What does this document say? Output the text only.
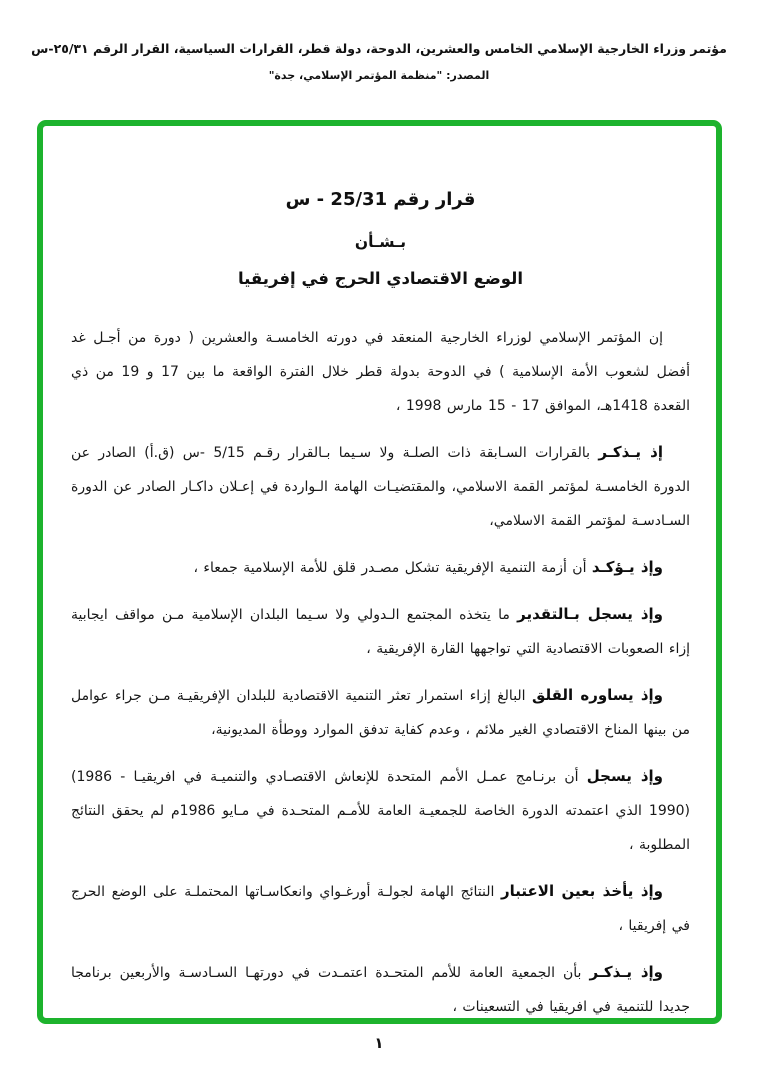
مؤتمر وزراء الخارجية الإسلامي الخامس والعشرين، الدوحة، دولة قطر، القرارات السياسية، القرار الرقم ٢٥/٣١-س
المصدر: "منظمة المؤتمر الإسلامي، جدة"
قرار رقم 25/31 - س
بـشـأن
الوضع الاقتصادي الحرج في إفريقيا

إن المؤتمر الإسلامي لوزراء الخارجية المنعقد في دورته الخامسـة والعشرين ( دورة من أجـل غد أفضل لشعوب الأمة الإسلامية ) في الدوحة بدولة قطر خلال الفترة الواقعة ما بين 17 و 19 من ذي القعدة 1418هـ، الموافق ⁦15 - 17⁩ مارس 1998 ،

إذ يـذكـر بالقرارات السـابقة ذات الصلـة ولا سـيما بـالقرار رقـم 5/15 -س (ق.أ) الصادر عن الدورة الخامسـة لمؤتمر القمة الاسلامي، والمقتضيـات الهامة الـواردة في إعـلان داكـار الصادر عن الدورة السـادسـة لمؤتمر القمة الاسلامي،

وإذ يـؤكـد أن أزمة التنمية الإفريقية تشكل مصـدر قلق للأمة الإسلامية جمعاء ،

وإذ يسجل بـالتقدير ما يتخذه المجتمع الـدولي ولا سـيما البلدان الإسلامية مـن مواقف ايجابية إزاء الصعوبات الاقتصادية التي تواجهها القارة الإفريقية ،

وإذ يساوره القلق البالغ إزاء استمرار تعثر التنمية الاقتصادية للبلدان الإفريقيـة مـن جراء عوامل من بينها المناخ الاقتصادي الغير ملائم ، وعدم كفاية تدفق الموارد ووطأة المديونية،

وإذ يسجل أن برنـامج عمـل الأمم المتحدة للإنعاش الاقتصـادي والتنميـة في افريقيـا ⁦(1986 - 1990)⁩ الذي اعتمدته الدورة الخاصة للجمعيـة العامة للأمـم المتحـدة في مـايو 1986م لم يحقق النتائج المطلوبة ،

وإذ يأخذ بعين الاعتبار النتائج الهامة لجولـة أورغـواي وانعكاسـاتها المحتملـة على الوضع الحرج في إفريقيا ،

وإذ يـذكـر بأن الجمعية العامة للأمم المتحـدة اعتمـدت في دورتهـا السـادسـة والأربعين برنامجا جديدا للتنمية في افريقيا في التسعينات ،

١
